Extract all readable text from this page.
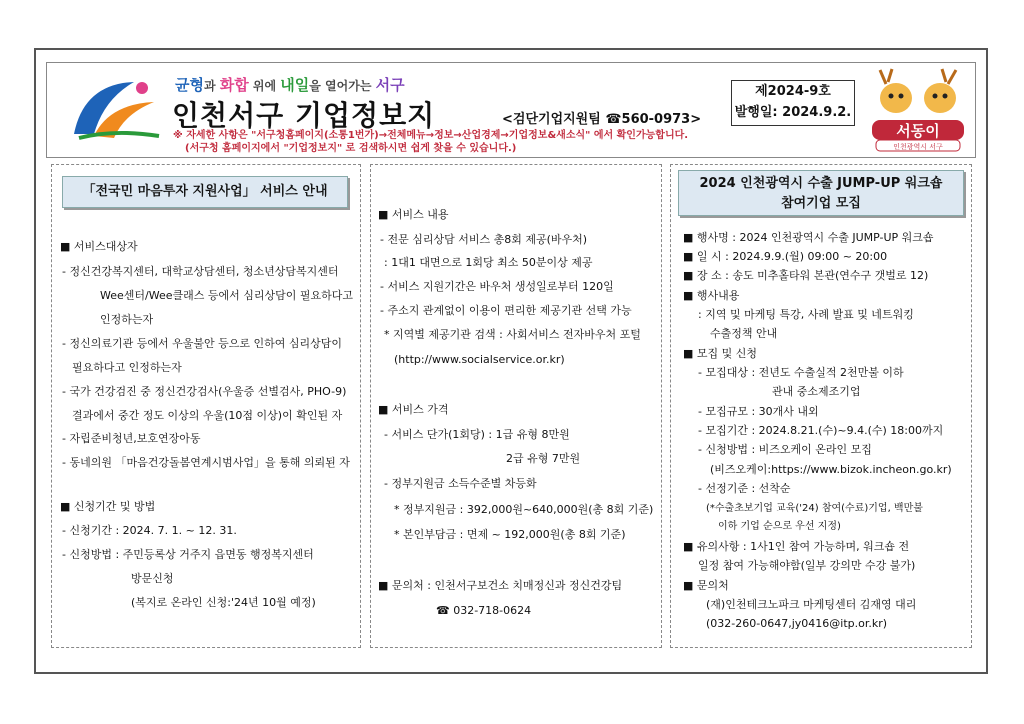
균형과 화합 위에 내일을 열어가는 서구
인천서구 기업정보지	<검단기업지원팀 ☎560-0973>
※ 자세한 사항은 "서구청홈페이지(소통1번가)→전체메뉴→정보→산업경제→기업정보&새소식" 에서 확인가능합니다.
(서구청 홈페이지에서 "기업정보지" 로 검색하시면 쉽게 찾을 수 있습니다.)
제2024-9호
발행일: 2024.9.2.
서동이
인천광역시 서구
「전국민 마음투자 지원사업」 서비스 안내
2024 인천광역시 수출 JUMP-UP 워크숍
참여기업 모집
■ 서비스대상자
- 정신건강복지센터, 대학교상담센터, 청소년상담복지센터
Wee센터/Wee클래스 등에서 심리상담이 필요하다고
인정하는자
- 정신의료기관 등에서 우울불안 등으로 인하여 심리상담이
필요하다고 인정하는자
- 국가 건강검진 중 정신건강검사(우울증 선별검사, PHO-9)
결과에서 중간 정도 이상의 우울(10점 이상)이 확인된 자
- 자립준비청년,보호연장아동
- 동네의원 「마음건강돌봄연계시범사업」을 통해 의뢰된 자
■ 신청기간 및 방법
- 신청기간 : 2024. 7. 1. ~ 12. 31.
- 신청방법 : 주민등록상 거주지 읍면동 행정복지센터
방문신청
(복지로 온라인 신청:'24년 10월 예정)
■ 서비스 내용
- 전문 심리상담 서비스 총8회 제공(바우처)
: 1대1 대면으로 1회당 최소 50분이상 제공
- 서비스 지원기간은 바우처 생성일로부터 120일
- 주소지 관계없이 이용이 편리한 제공기관 선택 가능
* 지역별 제공기관 검색 : 사회서비스 전자바우처 포털
(http://www.socialservice.or.kr)
■ 서비스 가격
- 서비스 단가(1회당) : 1급 유형 8만원
2급 유형 7만원
- 정부지원금 소득수준별 차등화
* 정부지원금 : 392,000원~640,000원(총 8회 기준)
* 본인부담금 : 면제 ~ 192,000원(총 8회 기준)
■ 문의처 : 인천서구보건소 치매정신과 정신건강팀
☎ 032-718-0624
■ 행사명 : 2024 인천광역시 수출 JUMP-UP 워크숍
■ 일 시 : 2024.9.9.(월) 09:00 ~ 20:00
■ 장 소 : 송도 미추홀타워 본관(연수구 갯벌로 12)
■ 행사내용
: 지역 및 마케팅 특강, 사례 발표 및 네트워킹
수출정책 안내
■ 모집 및 신청
- 모집대상 : 전년도 수출실적 2천만불 이하
관내 중소제조기업
- 모집규모 : 30개사 내외
- 모집기간 : 2024.8.21.(수)~9.4.(수) 18:00까지
- 신청방법 : 비즈오케이 온라인 모집
(비즈오케이:https://www.bizok.incheon.go.kr)
- 선정기준 : 선착순
(*수출초보기업 교육('24) 참여(수료)기업, 백만불
이하 기업 순으로 우선 지정)
■ 유의사항 : 1사1인 참여 가능하며, 워크숍 전
일정 참여 가능해야함(일부 강의만 수강 불가)
■ 문의처
(재)인천테크노파크 마케팅센터 김재영 대리
(032-260-0647,jy0416@itp.or.kr)
